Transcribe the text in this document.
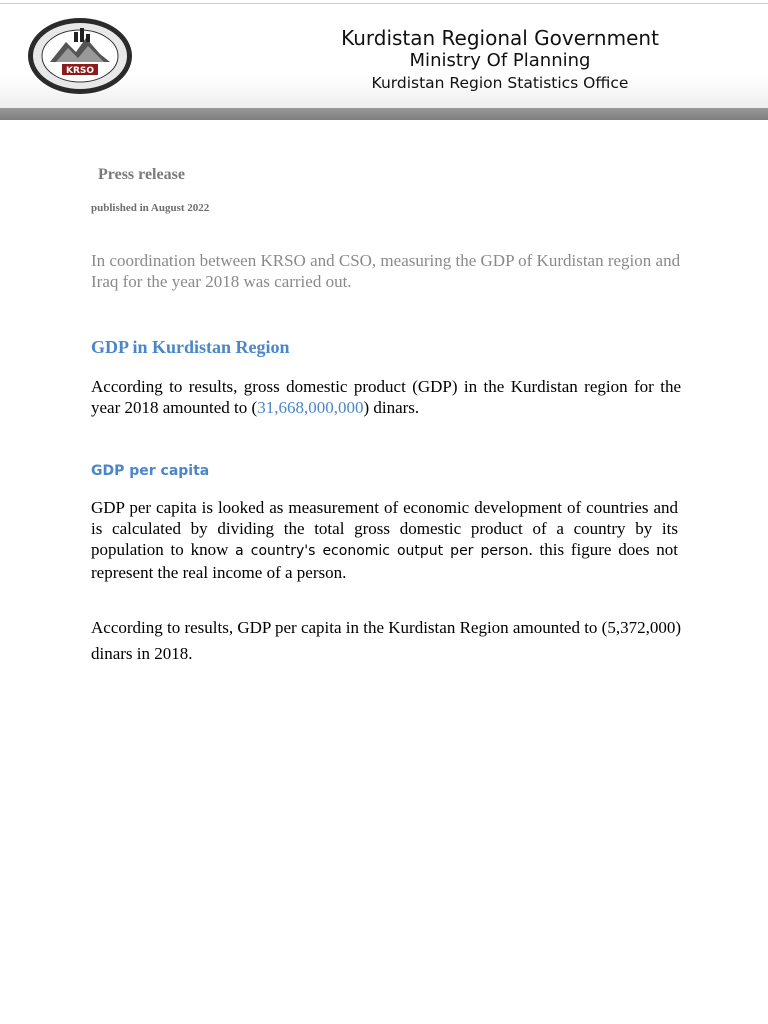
KRSO
Kurdistan Regional Government
Ministry Of Planning
Kurdistan Region Statistics Office
Press release
published in August 2022
In coordination between KRSO and CSO, measuring the GDP of Kurdistan region and Iraq for the year 2018 was carried out.
GDP in Kurdistan Region
According to results, gross domestic product (GDP) in the Kurdistan region for the year 2018 amounted to (31,668,000,000) dinars.
GDP per capita
GDP per capita is looked as measurement of economic development of countries and is calculated by dividing the total gross domestic product of a country by its population to know a country's economic output per person. this figure does not represent the real income of a person.
According to results, GDP per capita in the Kurdistan Region amounted to (5,372,000) dinars in 2018.
